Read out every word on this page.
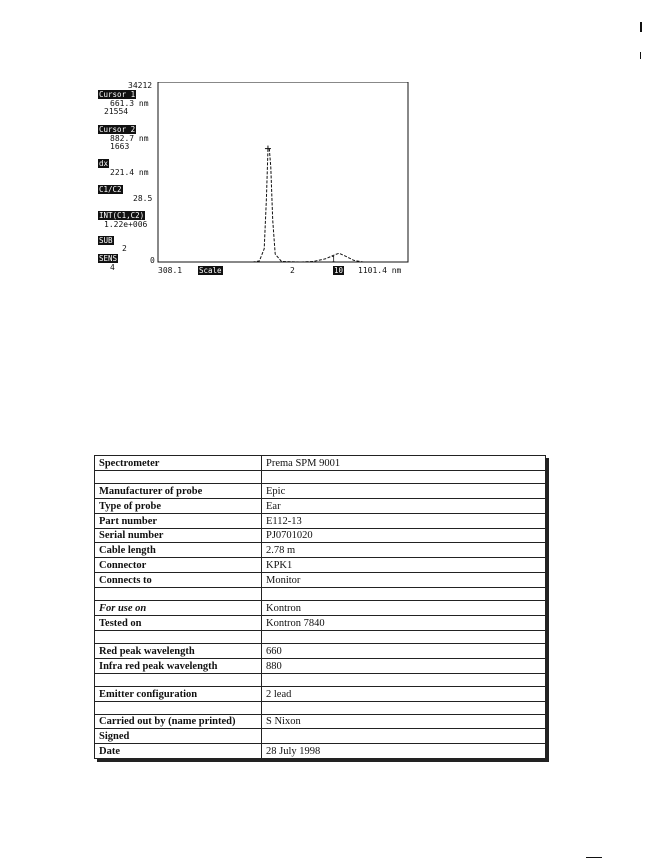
34212
Cursor 1
661.3 nm
21554
Cursor 2
882.7 nm
1663
dx
221.4 nm
C1/C2
28.5
INT(C1,C2)
1.22e+006
SUB
2
SENS
4
0
308.1 Scale	2	10 1101.4 nm
1
Spectrometer	Prema SPM 9001

Manufacturer of probe	Epic
Type of probe	Ear
Part number	E112-13
Serial number	PJ0701020
Cable length	2.78 m
Connector	KPK1
Connects to	Monitor

For use on	Kontron
Tested on	Kontron 7840

Red peak wavelength	660
Infra red peak wavelength	880

Emitter configuration	2 lead

Carried out by (name printed)	S Nixon
Signed	
Date	28 July 1998
